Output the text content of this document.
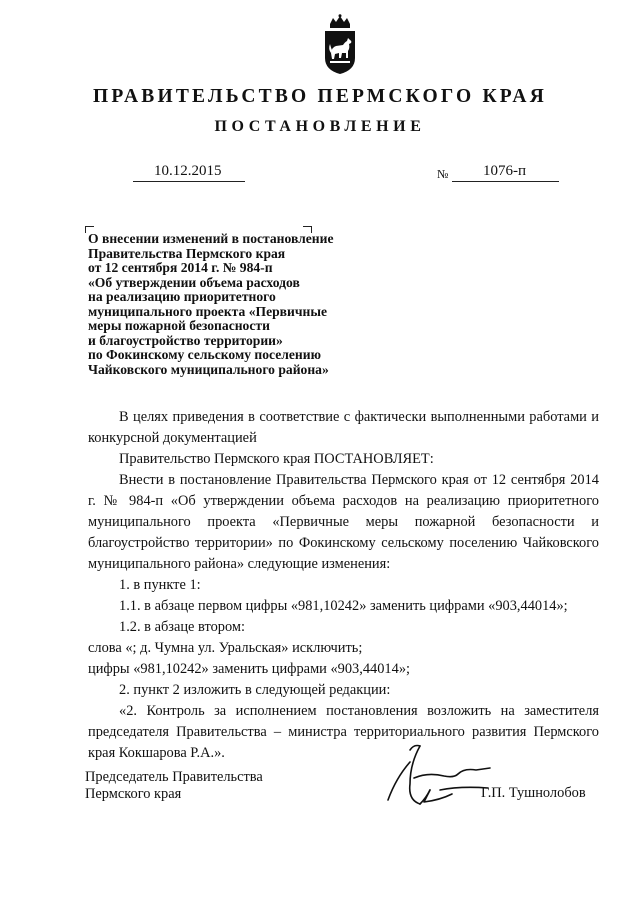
ПРАВИТЕЛЬСТВО ПЕРМСКОГО КРАЯ
ПОСТАНОВЛЕНИЕ
10.12.2015	№ 1076-п
О внесении изменений в постановление
Правительства Пермского края
от 12 сентября 2014 г. № 984-п
«Об утверждении объема расходов
на реализацию приоритетного
муниципального проекта «Первичные
меры пожарной безопасности
и благоустройство территории»
по Фокинскому сельскому поселению
Чайковского муниципального района»

В целях приведения в соответствие с фактически выполненными работами и конкурсной документацией

Правительство Пермского края ПОСТАНОВЛЯЕТ:

Внести в постановление Правительства Пермского края от 12 сентября 2014 г. № 984-п «Об утверждении объема расходов на реализацию приоритетного муниципального проекта «Первичные меры пожарной безопасности и благоустройство территории» по Фокинскому сельскому поселению Чайковского муниципального района» следующие изменения:

1. в пункте 1:

1.1. в абзаце первом цифры «981,10242» заменить цифрами «903,44014»;

1.2. в абзаце втором:

слова «; д. Чумна ул. Уральская» исключить;

цифры «981,10242» заменить цифрами «903,44014»;

2. пункт 2 изложить в следующей редакции:

«2. Контроль за исполнением постановления возложить на заместителя председателя Правительства – министра территориального развития Пермского края Кокшарова Р.А.».

Председатель Правительства
Пермского края	Г.П. Тушнолобов
